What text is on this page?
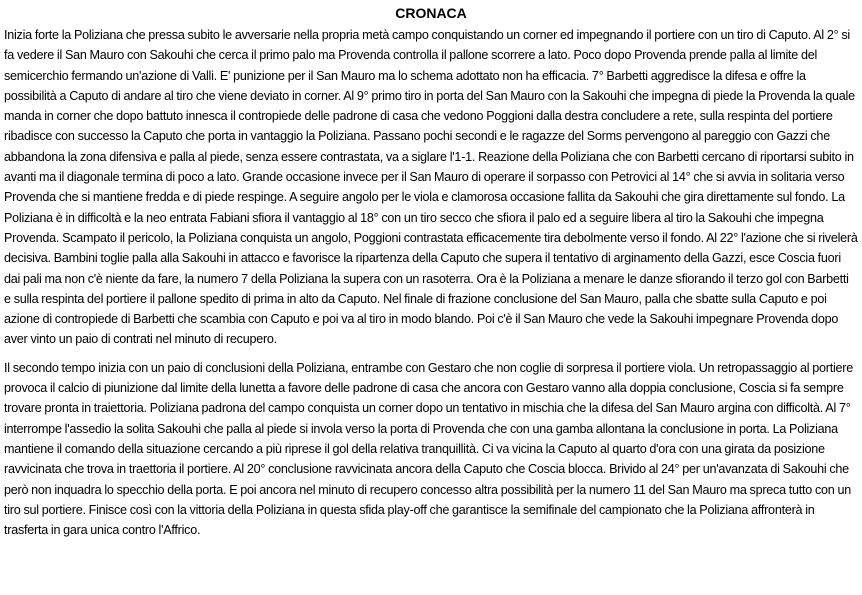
CRONACA

Inizia forte la Poliziana che pressa subito le avversarie nella propria metà campo conquistando un corner ed impegnando il portiere con un tiro di Caputo. Al 2° si fa vedere il San Mauro con Sakouhi che cerca il primo palo ma Provenda controlla il pallone scorrere a lato. Poco dopo Provenda prende palla al limite del semicerchio fermando un'azione di Valli. E' punizione per il San Mauro ma lo schema adottato non ha efficacia. 7° Barbetti aggredisce la difesa e offre la possibilità a Caputo di andare al tiro che viene deviato in corner. Al 9° primo tiro in porta del San Mauro con la Sakouhi che impegna di piede la Provenda la quale manda in corner che dopo battuto innesca il contropiede delle padrone di casa che vedono Poggioni dalla destra concludere a rete, sulla respinta del portiere ribadisce con successo la Caputo che porta in vantaggio la Poliziana. Passano pochi secondi e le ragazze del Sorms pervengono al pareggio con Gazzi che abbandona la zona difensiva e palla al piede, senza essere contrastata, va a siglare l'1-1. Reazione della Poliziana che con Barbetti cercano di riportarsi subito in avanti ma il diagonale termina di poco a lato. Grande occasione invece per il San Mauro di operare il sorpasso con Petrovici al 14° che si avvia in solitaria verso Provenda che si mantiene fredda e di piede respinge. A seguire angolo per le viola e clamorosa occasione fallita da Sakouhi che gira direttamente sul fondo. La Poliziana è in difficoltà e la neo entrata Fabiani sfiora il vantaggio al 18° con un tiro secco che sfiora il palo ed a seguire libera al tiro la Sakouhi che impegna Provenda. Scampato il pericolo, la Poliziana conquista un angolo, Poggioni contrastata efficacemente tira debolmente verso il fondo. Al 22° l'azione che si rivelerà decisiva. Bambini toglie palla alla Sakouhi in attacco e favorisce la ripartenza della Caputo che supera il tentativo di arginamento della Gazzi, esce Coscia fuori dai pali ma non c'è niente da fare, la numero 7 della Poliziana la supera con un rasoterra. Ora è la Poliziana a menare le danze sfiorando il terzo gol con Barbetti e sulla respinta del portiere il pallone spedito di prima in alto da Caputo. Nel finale di frazione conclusione del San Mauro, palla che sbatte sulla Caputo e poi azione di contropiede di Barbetti che scambia con Caputo e poi va al tiro in modo blando. Poi c'è il San Mauro che vede la Sakouhi impegnare Provenda dopo aver vinto un paio di contrati nel minuto di recupero.

Il secondo tempo inizia con un paio di conclusioni della Poliziana, entrambe con Gestaro che non coglie di sorpresa il portiere viola. Un retropassaggio al portiere provoca il calcio di piunizione dal limite della lunetta a favore delle padrone di casa che ancora con Gestaro vanno alla doppia conclusione, Coscia si fa sempre trovare pronta in traiettoria. Poliziana padrona del campo conquista un corner dopo un tentativo in mischia che la difesa del San Mauro argina con difficoltà. Al 7° interrompe l'assedio la solita Sakouhi che palla al piede si invola verso la porta di Provenda che con una gamba allontana la conclusione in porta. La Poliziana mantiene il comando della situazione cercando a più riprese il gol della relativa tranquillità. Ci va vicina la Caputo al quarto d'ora con una girata da posizione ravvicinata che trova in traettoria il portiere. Al 20° conclusione ravvicinata ancora della Caputo che Coscia blocca. Brivido al 24° per un'avanzata di Sakouhi che però non inquadra lo specchio della porta. E poi ancora nel minuto di recupero concesso altra possibilità per la numero 11 del San Mauro ma spreca tutto con un tiro sul portiere. Finisce così con la vittoria della Poliziana in questa sfida play-off che garantisce la semifinale del campionato che la Poliziana affronterà in trasferta in gara unica contro l'Affrico.
